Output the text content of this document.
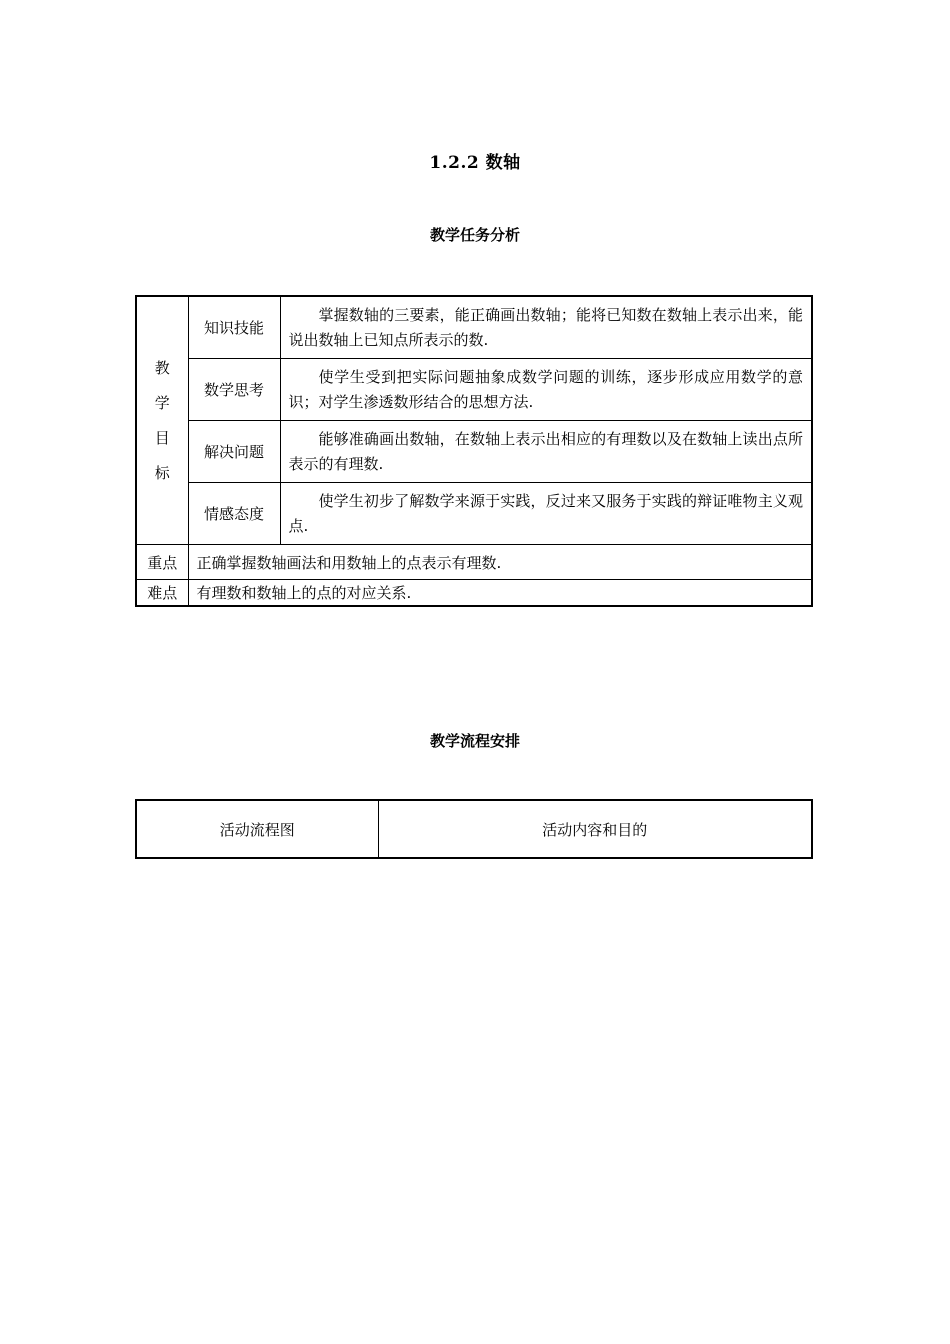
1.2.2 数轴
教学任务分析
教
学
目
标	知识技能	掌握数轴的三要素，能正确画出数轴；能将已知数在数轴上表示出来，能说出数轴上已知点所表示的数.
	数学思考	使学生受到把实际问题抽象成数学问题的训练，逐步形成应用数学的意识；对学生渗透数形结合的思想方法.
	解决问题	能够准确画出数轴，在数轴上表示出相应的有理数以及在数轴上读出点所表示的有理数.
	情感态度	使学生初步了解数学来源于实践，反过来又服务于实践的辩证唯物主义观点.
重点	正确掌握数轴画法和用数轴上的点表示有理数.	
难点	有理数和数轴上的点的对应关系.	
教学流程安排
活动流程图	活动内容和目的
